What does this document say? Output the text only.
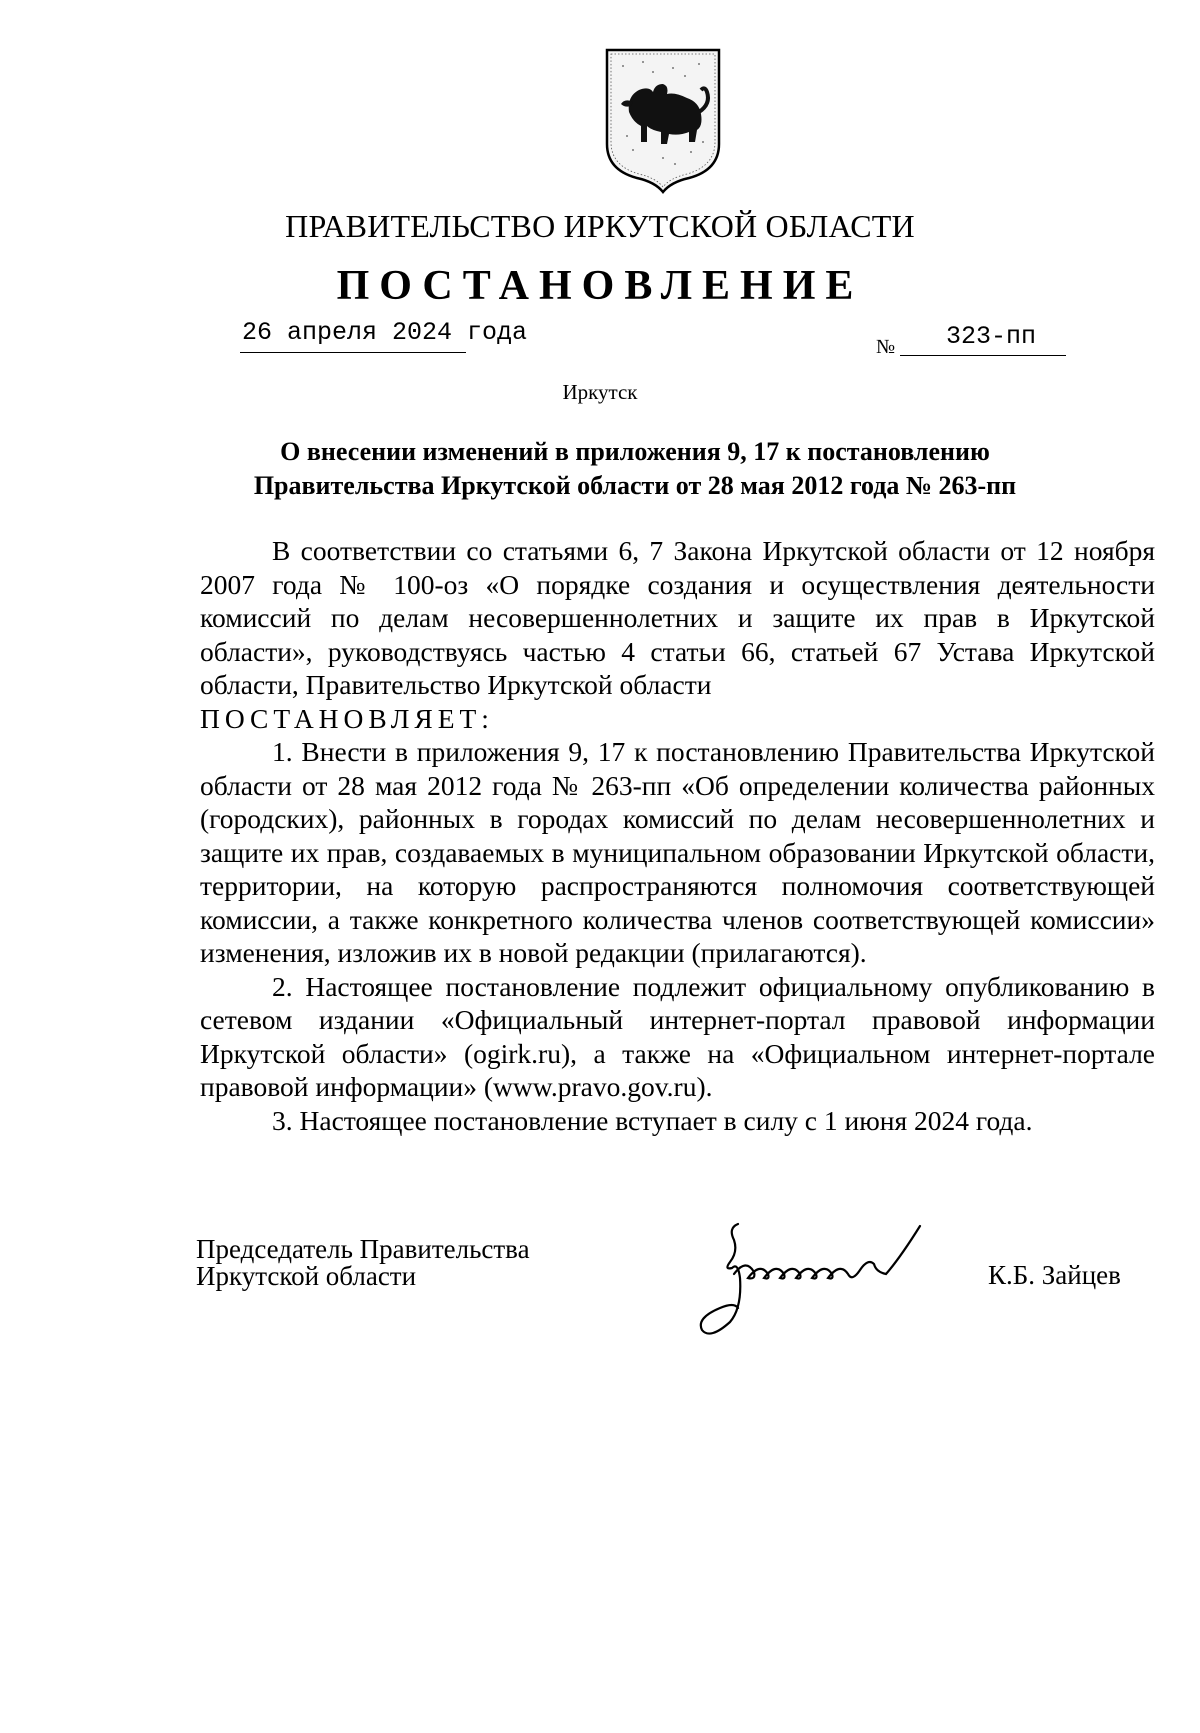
ПРАВИТЕЛЬСТВО ИРКУТСКОЙ ОБЛАСТИ
ПОСТАНОВЛЕНИЕ
26 апреля 2024 года	№ 323-пп
Иркутск
О внесении изменений в приложения 9, 17 к постановлению
Правительства Иркутской области от 28 мая 2012 года № 263-пп

В соответствии со статьями 6, 7 Закона Иркутской области от 12 ноября 2007 года № 100-оз «О порядке создания и осуществления деятельности комиссий по делам несовершеннолетних и защите их прав в Иркутской области», руководствуясь частью 4 статьи 66, статьей 67 Устава Иркутской области, Правительство Иркутской области

ПОСТАНОВЛЯЕТ:

1. Внести в приложения 9, 17 к постановлению Правительства Иркутской области от 28 мая 2012 года № 263-пп «Об определении количества районных (городских), районных в городах комиссий по делам несовершеннолетних и защите их прав, создаваемых в муниципальном образовании Иркутской области, территории, на которую распространяются полномочия соответствующей комиссии, а также конкретного количества членов соответствующей комиссии» изменения, изложив их в новой редакции (прилагаются).

2. Настоящее постановление подлежит официальному опубликованию в сетевом издании «Официальный интернет-портал правовой информации Иркутской области» (ogirk.ru), а также на «Официальном интернет-портале правовой информации» (www.pravo.gov.ru).

3. Настоящее постановление вступает в силу с 1 июня 2024 года.

Председатель Правительства
Иркутской области	К.Б. Зайцев
